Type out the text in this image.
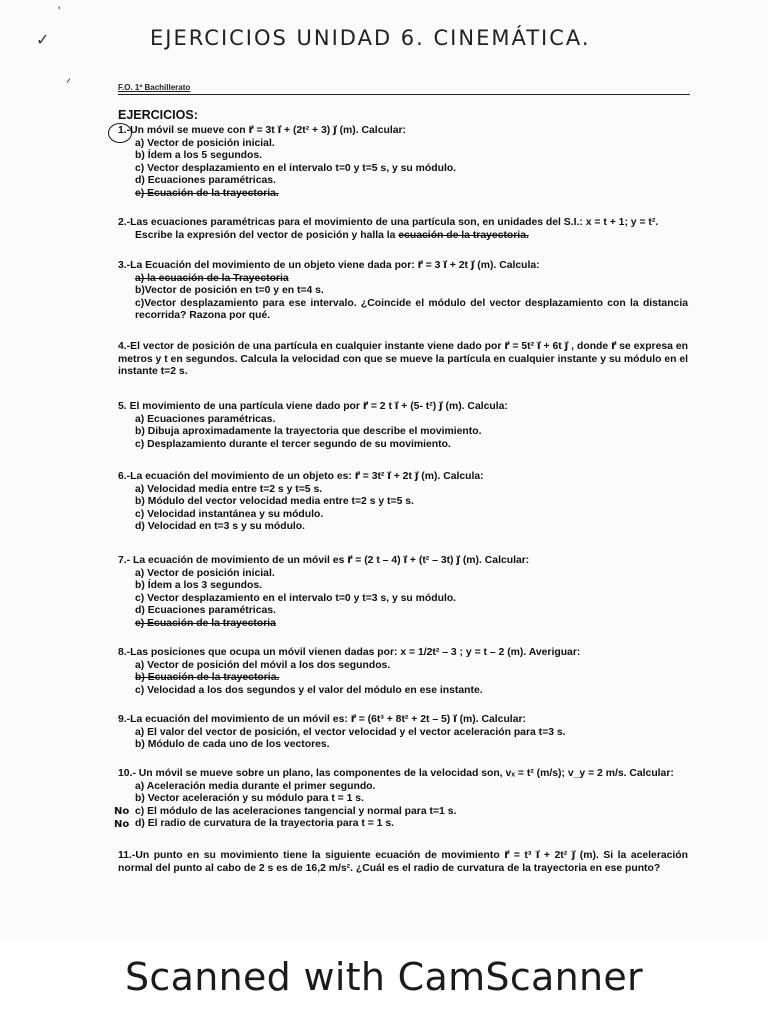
EJERCICIOS UNIDAD 6. CINEMÁTICA.
'
✓
ᐟ	F.O. 1º Bachillerato
EJERCICIOS:
1.-Un móvil se mueve con r⃗ = 3t i⃗ + (2t² + 3) j⃗ (m). Calcular:
a) Vector de posición inicial.
b) Ídem a los 5 segundos.
c) Vector desplazamiento en el intervalo t=0 y t=5 s, y su módulo.
d) Ecuaciones paramétricas.
e) Ecuación de la trayectoria.
2.-Las ecuaciones paramétricas para el movimiento de una partícula son, en unidades del S.I.: x = t + 1; y = t².
Escribe la expresión del vector de posición y halla la ecuación de la trayectoria.
3.-La Ecuación del movimiento de un objeto viene dada por: r⃗ = 3 i⃗ + 2t j⃗ (m). Calcula:
a) la ecuación de la Trayectoria
b)Vector de posición en t=0 y en t=4 s.
c)Vector desplazamiento para ese intervalo. ¿Coincide el módulo del vector desplazamiento con la distancia recorrida? Razona por qué.
4.-El vector de posición de una partícula en cualquier instante viene dado por r⃗ = 5t² i⃗ + 6t j⃗ , donde r⃗ se expresa en metros y t en segundos. Calcula la velocidad con que se mueve la partícula en cualquier instante y su módulo en el instante t=2 s.
5. El movimiento de una partícula viene dado por r⃗ = 2 t i⃗ + (5- t²) j⃗ (m). Calcula:
a) Ecuaciones paramétricas.
b) Dibuja aproximadamente la trayectoria que describe el movimiento.
c) Desplazamiento durante el tercer segundo de su movimiento.
6.-La ecuación del movimiento de un objeto es: r⃗ = 3t² i⃗ + 2t j⃗ (m). Calcula:
a) Velocidad media entre t=2 s y t=5 s.
b) Módulo del vector velocidad media entre t=2 s y t=5 s.
c) Velocidad instantánea y su módulo.
d) Velocidad en t=3 s y su módulo.
7.- La ecuación de movimiento de un móvil es r⃗ = (2 t – 4) i⃗ + (t² – 3t) j⃗ (m). Calcular:
a) Vector de posición inicial.
b) Ídem a los 3 segundos.
c) Vector desplazamiento en el intervalo t=0 y t=3 s, y su módulo.
d) Ecuaciones paramétricas.
e) Ecuación de la trayectoria
8.-Las posiciones que ocupa un móvil vienen dadas por: x = 1/2t² – 3 ; y = t – 2 (m). Averiguar:
a) Vector de posición del móvil a los dos segundos.
b) Ecuación de la trayectoria.
c) Velocidad a los dos segundos y el valor del módulo en ese instante.
9.-La ecuación del movimiento de un móvil es: r⃗ = (6t³ + 8t² + 2t – 5) i⃗ (m). Calcular:
a) El valor del vector de posición, el vector velocidad y el vector aceleración para t=3 s.
b) Módulo de cada uno de los vectores.
10.- Un móvil se mueve sobre un plano, las componentes de la velocidad son, vₓ = t² (m/s); v_y = 2 m/s. Calcular:
a) Aceleración media durante el primer segundo.
b) Vector aceleración y su módulo para t = 1 s.
c) El módulo de las aceleraciones tangencial y normal para t=1 s.
d) El radio de curvatura de la trayectoria para t = 1 s.
No
No
11.-Un punto en su movimiento tiene la siguiente ecuación de movimiento r⃗ = t³ i⃗ + 2t² j⃗ (m). Si la aceleración normal del punto al cabo de 2 s es de 16,2 m/s². ¿Cuál es el radio de curvatura de la trayectoria en ese punto?
Scanned with CamScanner
